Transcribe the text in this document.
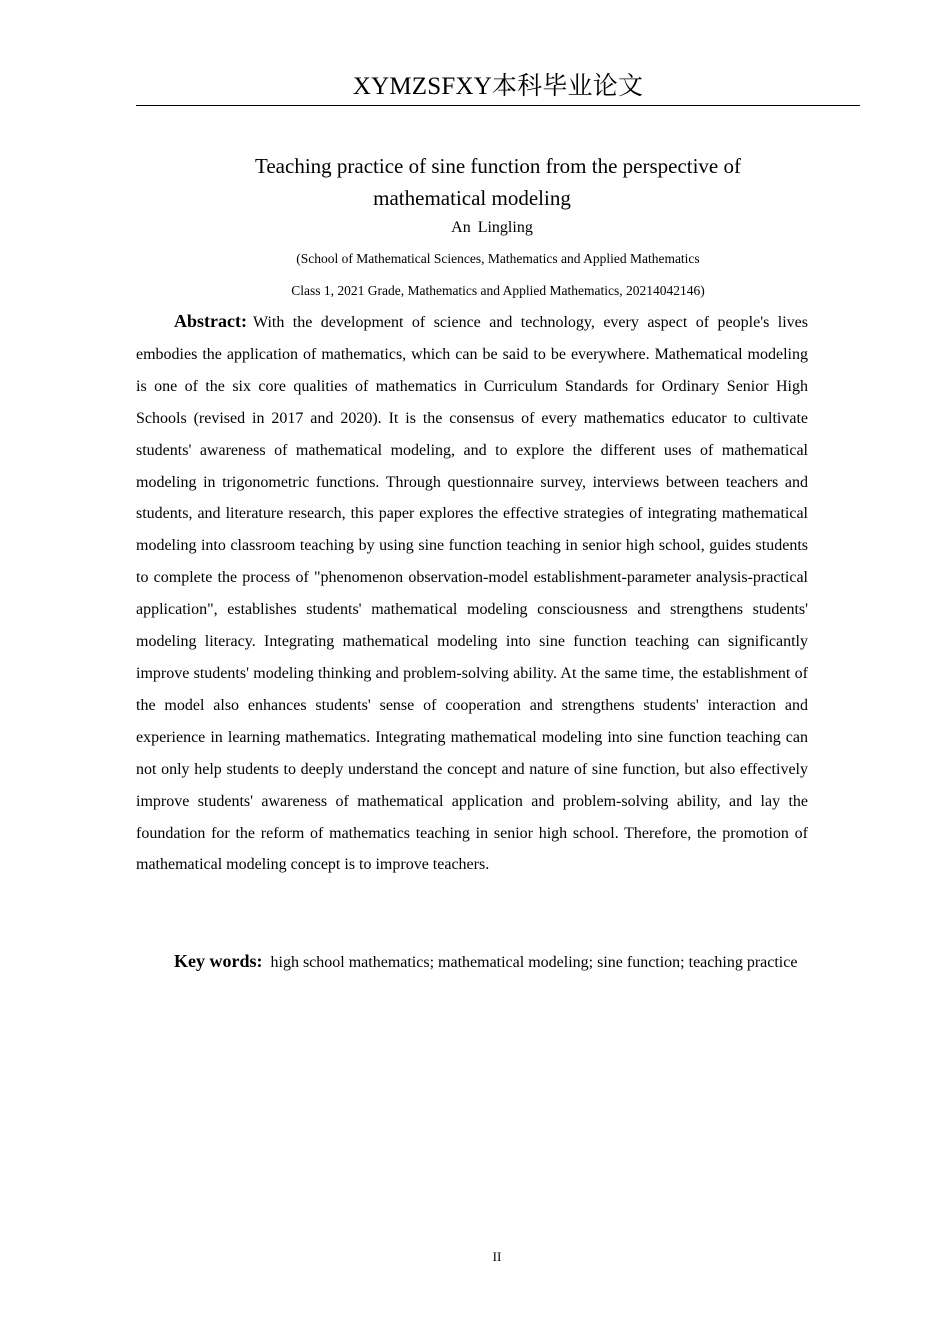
XYMZSFXY本科毕业论文
Teaching practice of sine function from the perspective of
mathematical modeling
An Lingling
(School of Mathematical Sciences, Mathematics and Applied Mathematics
Class 1, 2021 Grade, Mathematics and Applied Mathematics, 20214042146)

Abstract: With the development of science and technology, every aspect of people's lives embodies the application of mathematics, which can be said to be everywhere. Mathematical modeling is one of the six core qualities of mathematics in Curriculum Standards for Ordinary Senior High Schools (revised in 2017 and 2020). It is the consensus of every mathematics educator to cultivate students' awareness of mathematical modeling, and to explore the different uses of mathematical modeling in trigonometric functions. Through questionnaire survey, interviews between teachers and students, and literature research, this paper explores the effective strategies of integrating mathematical modeling into classroom teaching by using sine function teaching in senior high school, guides students to complete the process of "phenomenon observation-model establishment-parameter analysis-practical application", establishes students' mathematical modeling consciousness and strengthens students' modeling literacy. Integrating mathematical modeling into sine function teaching can significantly improve students' modeling thinking and problem-solving ability. At the same time, the establishment of the model also enhances students' sense of cooperation and strengthens students' interaction and experience in learning mathematics. Integrating mathematical modeling into sine function teaching can not only help students to deeply understand the concept and nature of sine function, but also effectively improve students' awareness of mathematical application and problem-solving ability, and lay the foundation for the reform of mathematics teaching in senior high school. Therefore, the promotion of mathematical modeling concept is to improve teachers.

Key words: high school mathematics; mathematical modeling; sine function; teaching practice

II
